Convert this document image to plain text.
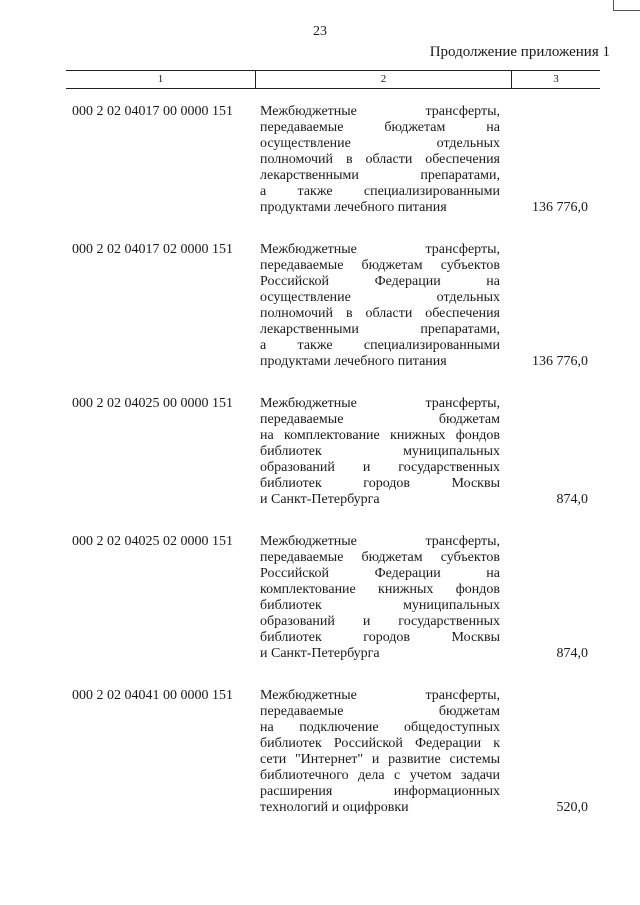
23
Продолжение приложения 1
1	2	3
000 2 02 04017 00 0000 151	Межбюджетные трансферты,
передаваемые бюджетам на
осуществление отдельных
полномочий в области обеспечения
лекарственными препаратами,
а также специализированными
продуктами лечебного питания	136 776,0
000 2 02 04017 02 0000 151	Межбюджетные трансферты,
передаваемые бюджетам субъектов
Российской Федерации на
осуществление отдельных
полномочий в области обеспечения
лекарственными препаратами,
а также специализированными
продуктами лечебного питания	136 776,0
000 2 02 04025 00 0000 151	Межбюджетные трансферты,
передаваемые бюджетам
на комплектование книжных фондов
библиотек муниципальных
образований и государственных
библиотек городов Москвы
и Санкт-Петербурга	874,0
000 2 02 04025 02 0000 151	Межбюджетные трансферты,
передаваемые бюджетам субъектов
Российской Федерации на
комплектование книжных фондов
библиотек муниципальных
образований и государственных
библиотек городов Москвы
и Санкт-Петербурга	874,0
000 2 02 04041 00 0000 151	Межбюджетные трансферты,
передаваемые бюджетам
на подключение общедоступных
библиотек Российской Федерации к
сети "Интернет" и развитие системы
библиотечного дела с учетом задачи
расширения информационных
технологий и оцифровки	520,0
